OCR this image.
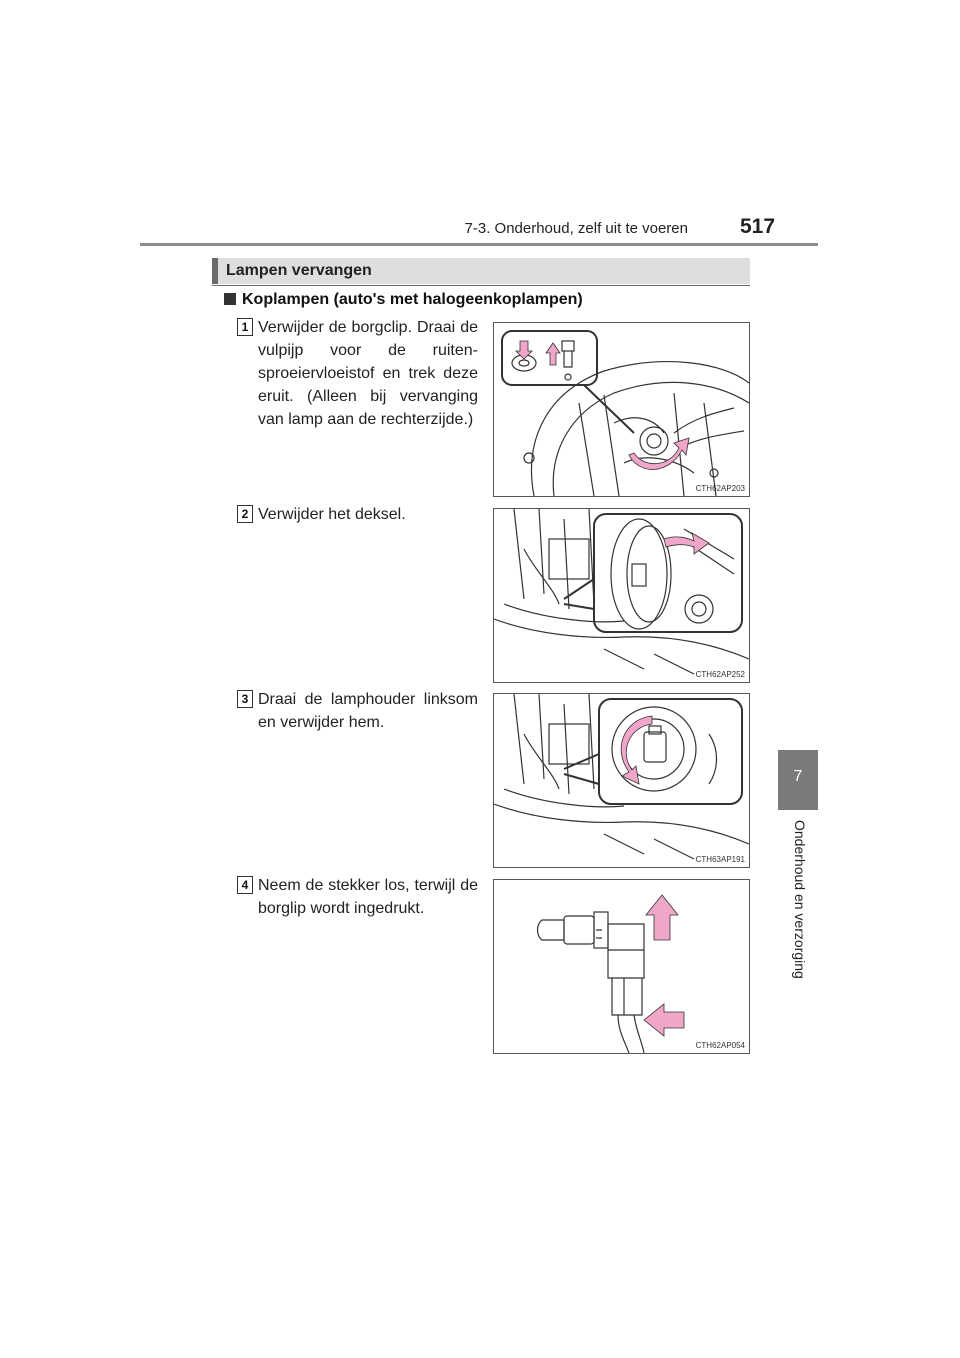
7-3. Onderhoud, zelf uit te voeren 517
7
Onderhoud en verzorging
Lampen vervangen
Koplampen (auto's met halogeenkoplampen)
1 Verwijder de borgclip. Draai de vulpijp voor de ruiten-sproeiervloeistof en trek deze eruit. (Alleen bij vervanging van lamp aan de rechterzijde.)
CTH62AP203
2 Verwijder het deksel.
CTH62AP252
3 Draai de lamphouder linksom en verwijder hem.
CTH63AP191
4 Neem de stekker los, terwijl de borglip wordt ingedrukt.
CTH62AP054
